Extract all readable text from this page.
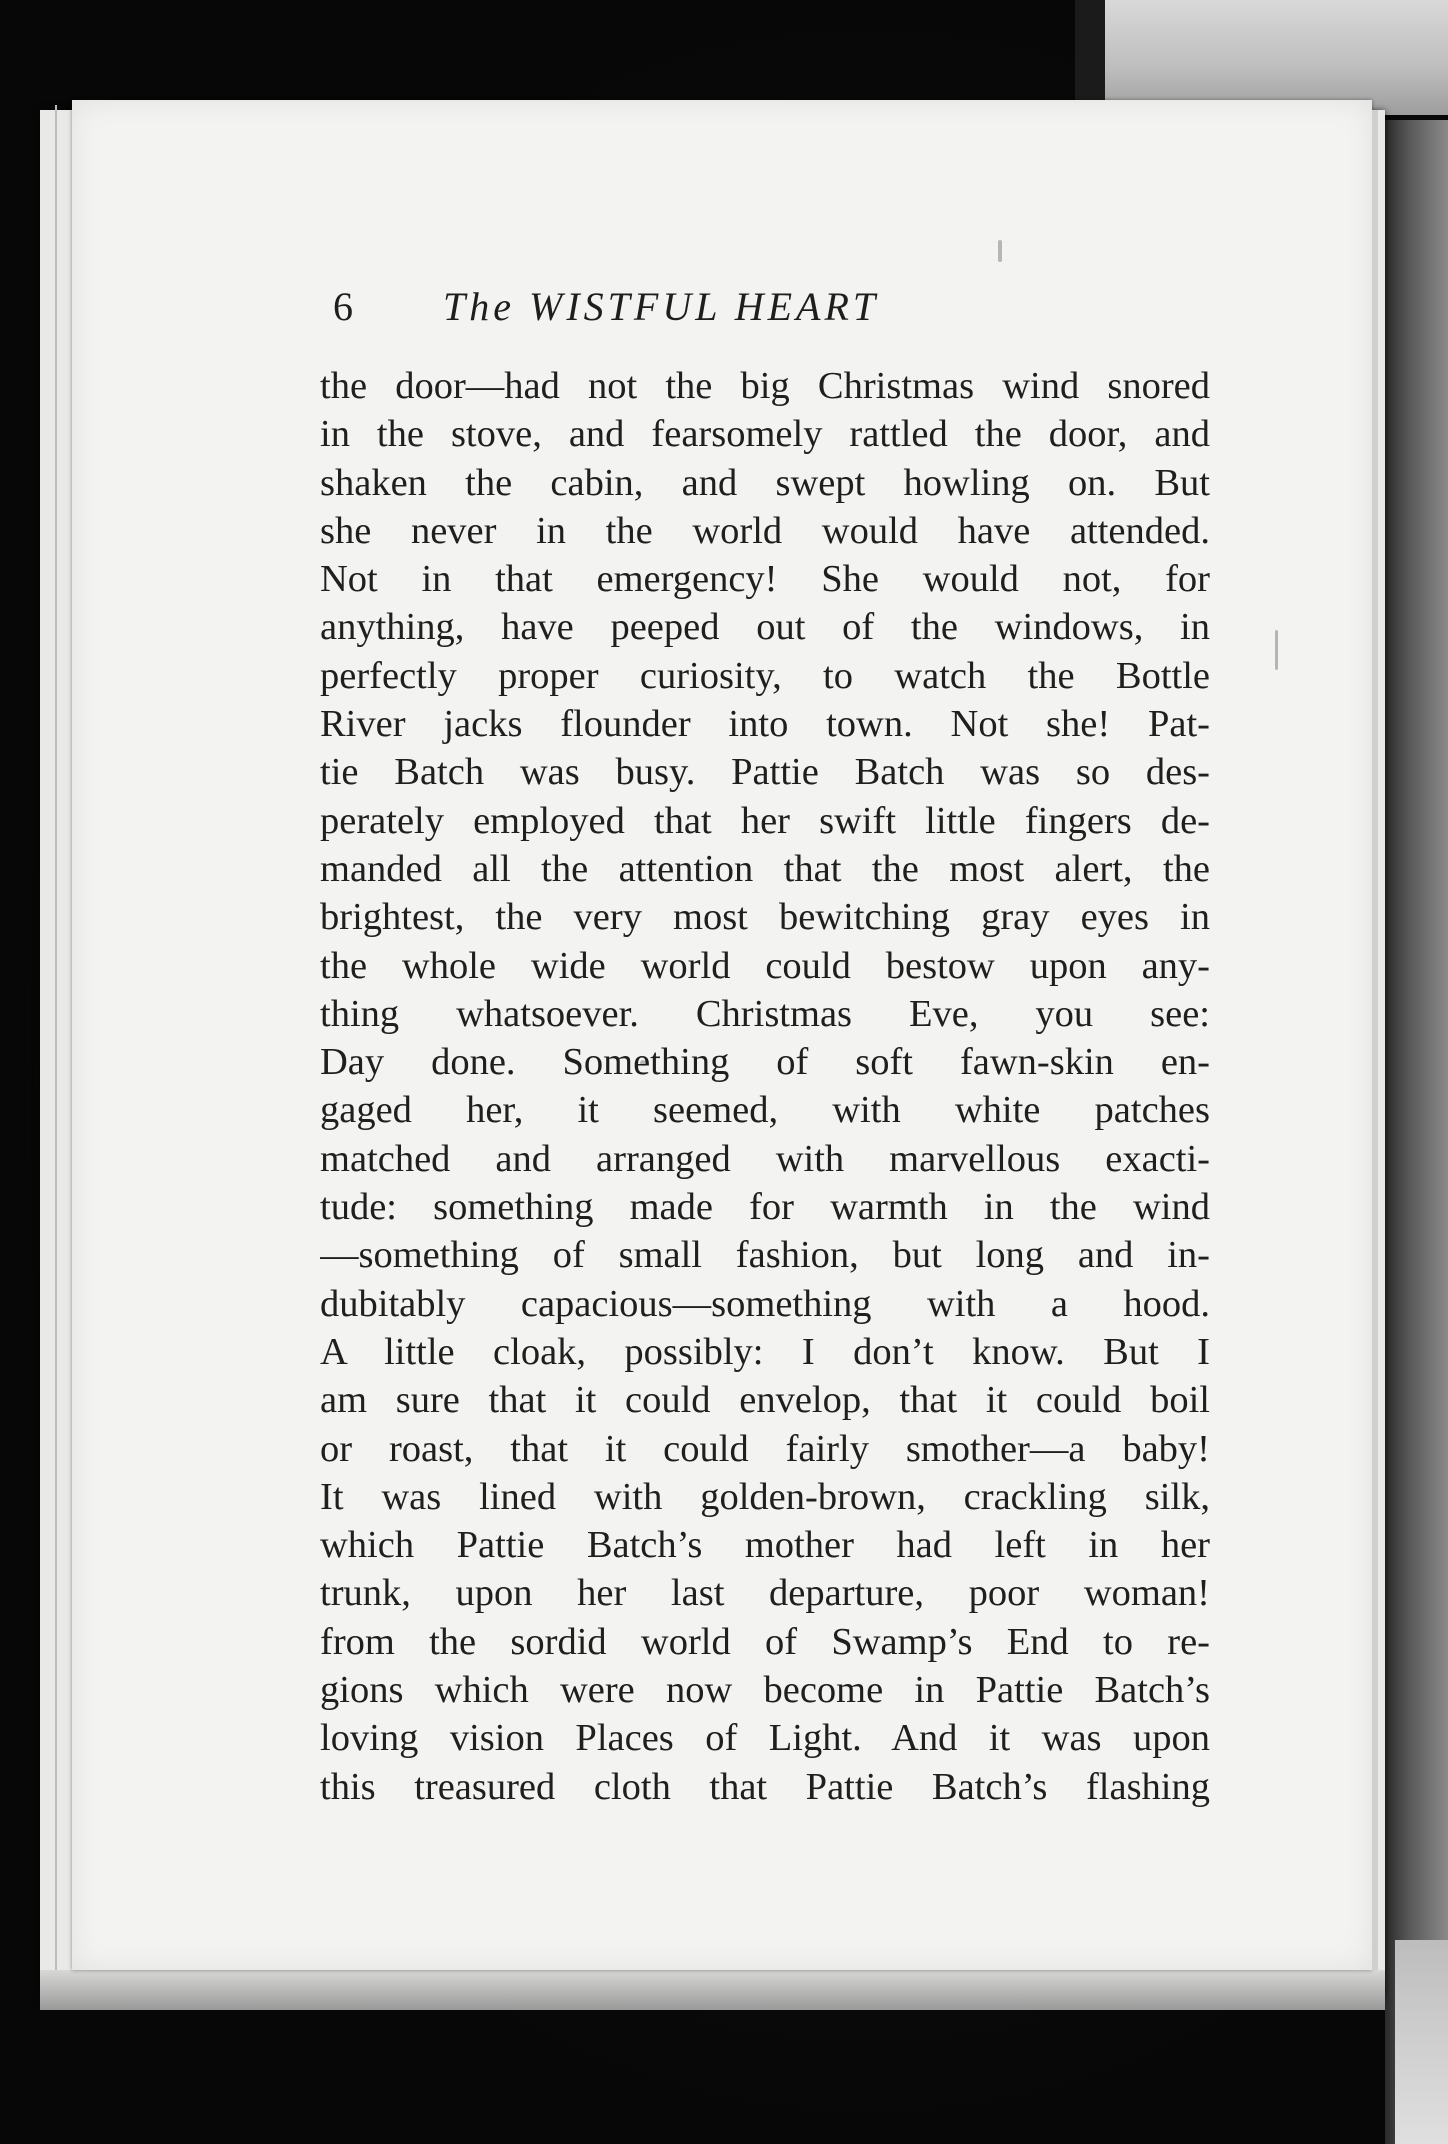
6 The WISTFUL HEART
the door—had not the big Christmas wind snored
in the stove, and fearsomely rattled the door, and
shaken the cabin, and swept howling on. But
she never in the world would have attended.
Not in that emergency! She would not, for
anything, have peeped out of the windows, in
perfectly proper curiosity, to watch the Bottle
River jacks flounder into town. Not she! Pat-
tie Batch was busy. Pattie Batch was so des-
perately employed that her swift little fingers de-
manded all the attention that the most alert, the
brightest, the very most bewitching gray eyes in
the whole wide world could bestow upon any-
thing whatsoever. Christmas Eve, you see:
Day done. Something of soft fawn-skin en-
gaged her, it seemed, with white patches
matched and arranged with marvellous exacti-
tude: something made for warmth in the wind
—something of small fashion, but long and in-
dubitably capacious—something with a hood.
A little cloak, possibly: I don’t know. But I
am sure that it could envelop, that it could boil
or roast, that it could fairly smother—a baby!
It was lined with golden-brown, crackling silk,
which Pattie Batch’s mother had left in her
trunk, upon her last departure, poor woman!
from the sordid world of Swamp’s End to re-
gions which were now become in Pattie Batch’s
loving vision Places of Light. And it was upon
this treasured cloth that Pattie Batch’s flashing
